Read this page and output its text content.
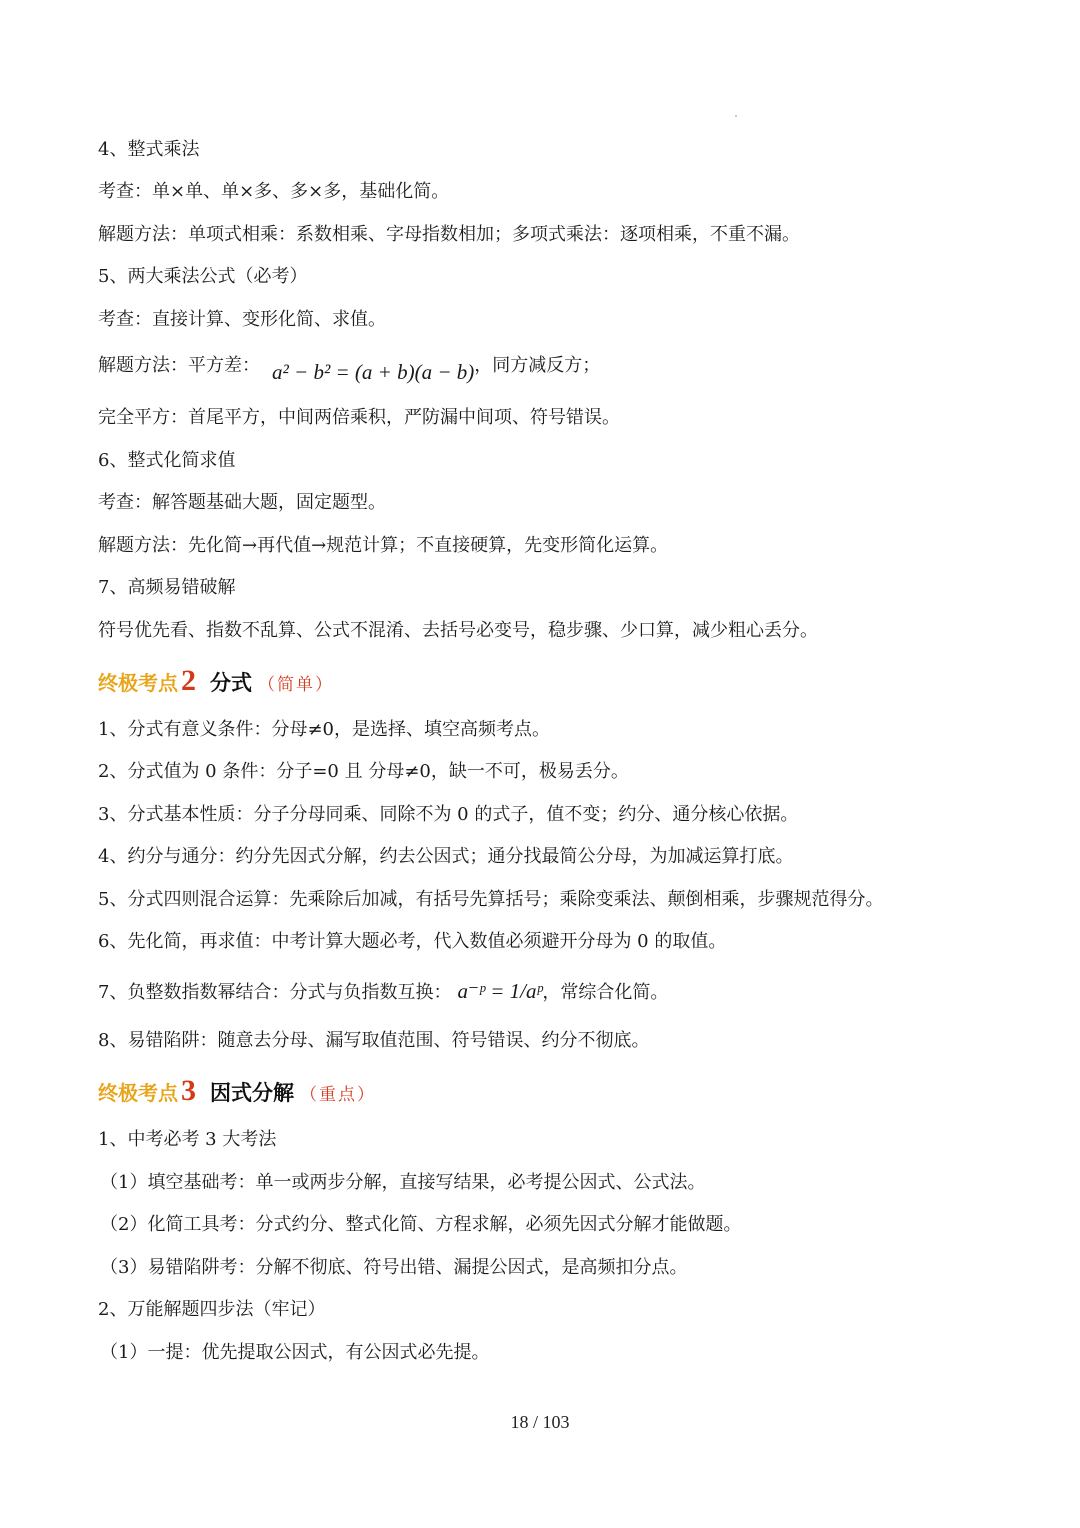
4、整式乘法
考查：单×单、单×多、多×多，基础化简。
解题方法：单项式相乘：系数相乘、字母指数相加；多项式乘法：逐项相乘，不重不漏。
5、两大乘法公式（必考）
考查：直接计算、变形化简、求值。
解题方法：平方差： a² − b² = (a + b)(a − b)，同方减反方；
完全平方：首尾平方，中间两倍乘积，严防漏中间项、符号错误。
6、整式化简求值
考查：解答题基础大题，固定题型。
解题方法：先化简→再代值→规范计算；不直接硬算，先变形简化运算。
7、高频易错破解
符号优先看、指数不乱算、公式不混淆、去括号必变号，稳步骤、少口算，减少粗心丢分。
终极考点 2 分式 （简单）
1、分式有意义条件：分母≠0，是选择、填空高频考点。
2、分式值为 0 条件：分子=0 且 分母≠0，缺一不可，极易丢分。
3、分式基本性质：分子分母同乘、同除不为 0 的式子，值不变；约分、通分核心依据。
4、约分与通分：约分先因式分解，约去公因式；通分找最简公分母，为加减运算打底。
5、分式四则混合运算：先乘除后加减，有括号先算括号；乘除变乘法、颠倒相乘，步骤规范得分。
6、先化简，再求值：中考计算大题必考，代入数值必须避开分母为 0 的取值。
7、负整数指数幂结合：分式与负指数互换： a⁻ᵖ = 1/aᵖ，常综合化简。
8、易错陷阱：随意去分母、漏写取值范围、符号错误、约分不彻底。
终极考点 3 因式分解 （重点）
1、中考必考 3 大考法
（1）填空基础考：单一或两步分解，直接写结果，必考提公因式、公式法。
（2）化简工具考：分式约分、整式化简、方程求解，必须先因式分解才能做题。
（3）易错陷阱考：分解不彻底、符号出错、漏提公因式，是高频扣分点。
2、万能解题四步法（牢记）
（1）一提：优先提取公因式，有公因式必先提。
18 / 103
